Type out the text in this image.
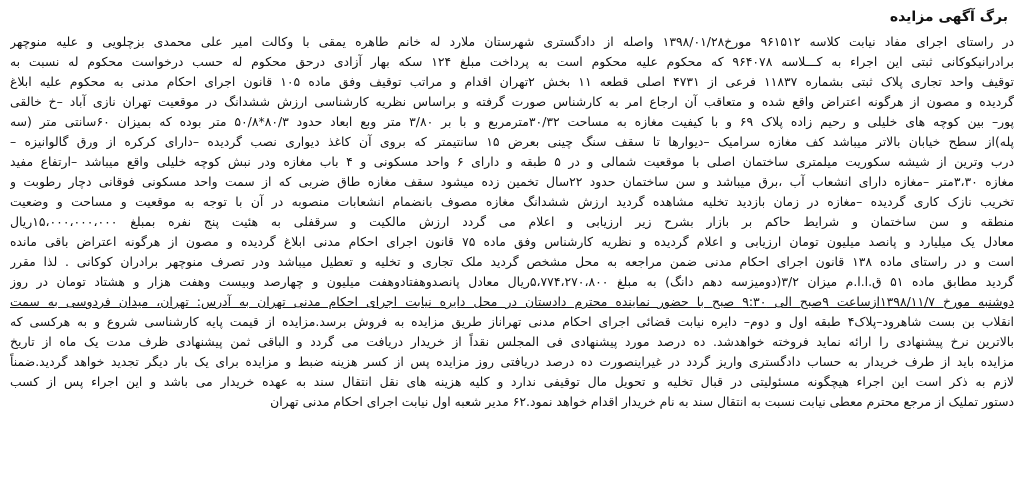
برگ آگهی مزایده
در راستای اجرای مفاد نیابت کلاسه ۹۶۱۵۱۲ مورخ۱۳۹۸/۰۱/۲۸ واصله از دادگستری شهرستان ملارد له خانم طاهره یمقی با وکالت امیر علی محمدی بزچلویی و علیه منوچهر
برادرانیکوکانی ثبتی این اجراء به کـــلاسه ۹۶۴۰۷۸ که محکوم علیه محکوم است به پرداخت مبلغ ۱۲۴ سکه بهار آزادی درحق محکوم له حسب درخواست محکوم له نسبت به
توقیف واحد تجاری پلاک ثبتی بشماره ۱۱۸۳۷ فرعی از ۴۷۳۱ اصلی قطعه ۱۱ بخش ۲تهران اقدام و مراتب توقیف وفق ماده ۱۰۵ قانون اجرای احکام مدنی به محکوم علیه ابلاغ
گردیده و مصون از هرگونه اعتراض واقع شده و متعاقب آن ارجاع امر به کارشناس صورت گرفته و براساس نظریه کارشناسی ارزش ششدانگ در موقعیت تهران نازی آباد –خ خالقی
پور– بین کوچه های خلیلی و رحیم زاده پلاک ۶۹ و با کیفیت مغازه به مساحت ۳۰/۳۲مترمربع و با بر ۳/۸۰ متر وبع ابعاد حدود ۸۰/۳*۵۰/۸ متر بوده که بمیزان ۶۰سانتی متر (سه
پله)از سطح خیابان بالاتر میباشد کف مغازه سرامیک –دیوارها تا سقف سنگ چینی بعرض ۱۵ سانتیمتر که بروی آن کاغذ دیواری نصب گردیده –دارای کرکره از ورق گالوانیزه –
درب وترین از شیشه سکوریت میلمتری ساختمان اصلی با موقعیت شمالی و در ۵ طبقه و دارای ۶ واحد مسکونی و ۴ باب مغازه ودر نبش کوچه خلیلی واقع میباشد –ارتفاع مفید
مغازه ۳،۳۰متر –مغازه دارای انشعاب آب ،برق میباشد و سن ساختمان حدود ۲۲سال تخمین زده میشود سقف مغازه طاق ضربی که از سمت واحد مسکونی فوقانی دچار رطوبت و
تخریب نازک کاری گردیده –مغازه در زمان بازدید تخلیه مشاهده گردید ارزش ششدانگ مغازه مصوف بانضمام انشعابات منصوبه در آن با توجه به موقعیت و مساحت و وضعیت
منطقه و سن ساختمان و شرایط حاکم بر بازار بشرح زیر ارزیابی و اعلام می گردد ارزش مالکیت و سرقفلی به هئیت پنج نفره بمبلغ ۱۵،۰۰۰،۰۰۰،۰۰۰ریال
معادل یک میلیارد و پانصد میلیون تومان ارزیابی و اعلام گردیده و نظریه کارشناس وفق ماده ۷۵ قانون اجرای احکام مدنی ابلاغ گردیده و مصون از هرگونه اعتراض باقی مانده
است و در راستای ماده ۱۳۸ قانون اجرای احکام مدنی ضمن مراجعه به محل مشخص گردید ملک تجاری و تخلیه و تعطیل میباشد ودر تصرف منوچهر برادران کوکانی . لذا مقرر
گردید مطابق ماده ۵۱ ق.ا.ا.م میزان ۳/۲(دومیزسه دهم دانگ) به مبلغ ۵،۷۷۴،۲۷۰،۸۰۰ریال معادل پانصدوهفتادوهفت میلیون و چهارصد وبیست وهفت هزار و هشتاد تومان در روز
دوشنبه مورخ ۱۳۹۸/۱۱/۷ازساعت ۹صبح الی ۹:۳۰ صبح با حضور نماینده محترم دادستان در محل دایره نیابت اجرای احکام مدنی تهران به آدرس: تهران، میدان فردوسی به سمت
انقلاب بن بست شاهرود–پلاک۴ طبقه اول و دوم– دایره نیابت قضائی اجرای احکام مدنی تهراناز طریق مزایده به فروش برسد.مزایده از قیمت پایه کارشناسی شروع و به هرکسی که
بالاترین نرخ پیشنهادی را ارائه نماید فروخته خواهدشد. ده درصد مورد پیشنهادی فی المجلس نقداً از خریدار دریافت می گردد و الباقی ثمن پیشنهادی ظرف مدت یک ماه از تاریخ
مزایده باید از طرف خریدار به حساب دادگستری واریز گردد در غیراینصورت ده درصد دریافتی روز مزایده پس از کسر هزینه ضبط و مزایده برای یک بار دیگر تجدید خواهد گردید.ضمناً
لازم به ذکر است این اجراء هیچگونه مسئولیتی در قبال تخلیه و تحویل مال توقیفی ندارد و کلیه هزینه های نقل انتقال سند به عهده خریدار می باشد و این اجراء پس از کسب
دستور تملیک از مرجع محترم معطی نیابت نسبت به انتقال سند به نام خریدار اقدام خواهد نمود.۶۲ مدیر شعبه اول نیابت اجرای احکام مدنی تهران
